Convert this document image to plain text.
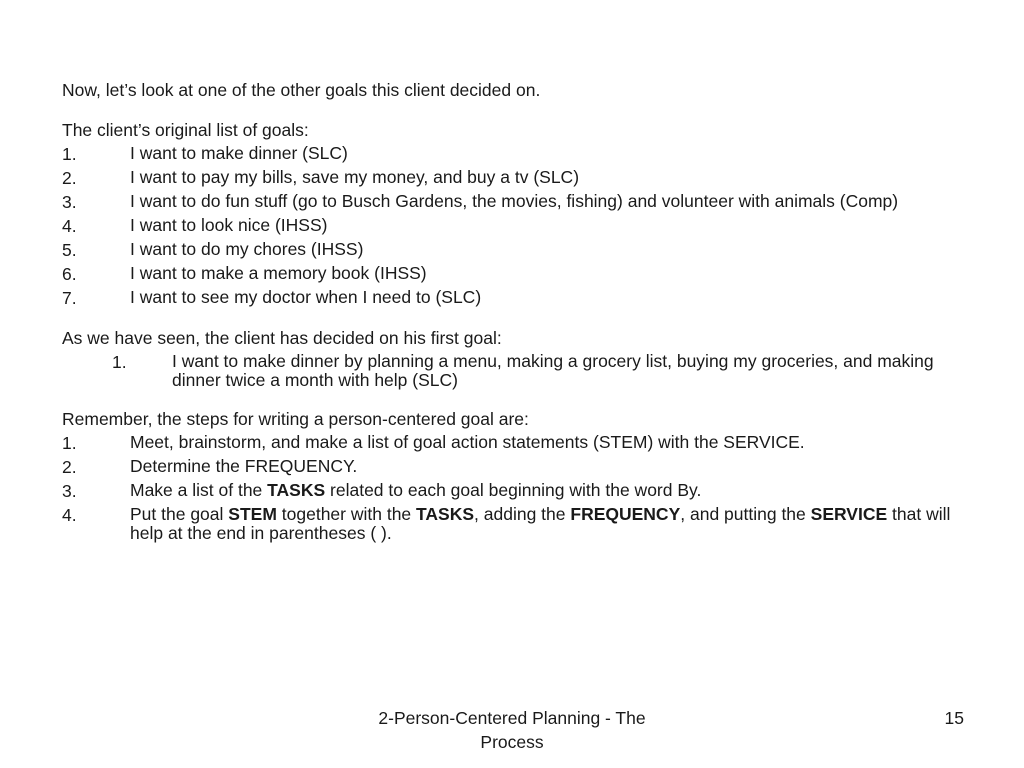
Now, let’s look at one of the other goals this client decided on.

The client’s original list of goals:

1.	I want to make dinner (SLC)
2.	I want to pay my bills, save my money, and buy a tv (SLC)
3.	I want to do fun stuff (go to Busch Gardens, the movies, fishing) and volunteer with animals (Comp)
4.	I want to look nice (IHSS)
5.	I want to do my chores (IHSS)
6.	I want to make a memory book (IHSS)
7.	I want to see my doctor when I need to (SLC)

As we have seen, the client has decided on his first goal:

1.	I want to make dinner by planning a menu, making a grocery list, buying my groceries, and making dinner twice a month with help (SLC)

Remember, the steps for writing a person-centered goal are:

1.	Meet, brainstorm, and make a list of goal action statements (STEM) with the SERVICE.
2.	Determine the FREQUENCY.
3.	Make a list of the TASKS related to each goal beginning with the word By.
4.	Put the goal STEM together with the TASKS, adding the FREQUENCY, and putting the SERVICE that will help at the end in parentheses ( ).
2-Person-Centered Planning - The Process
15
